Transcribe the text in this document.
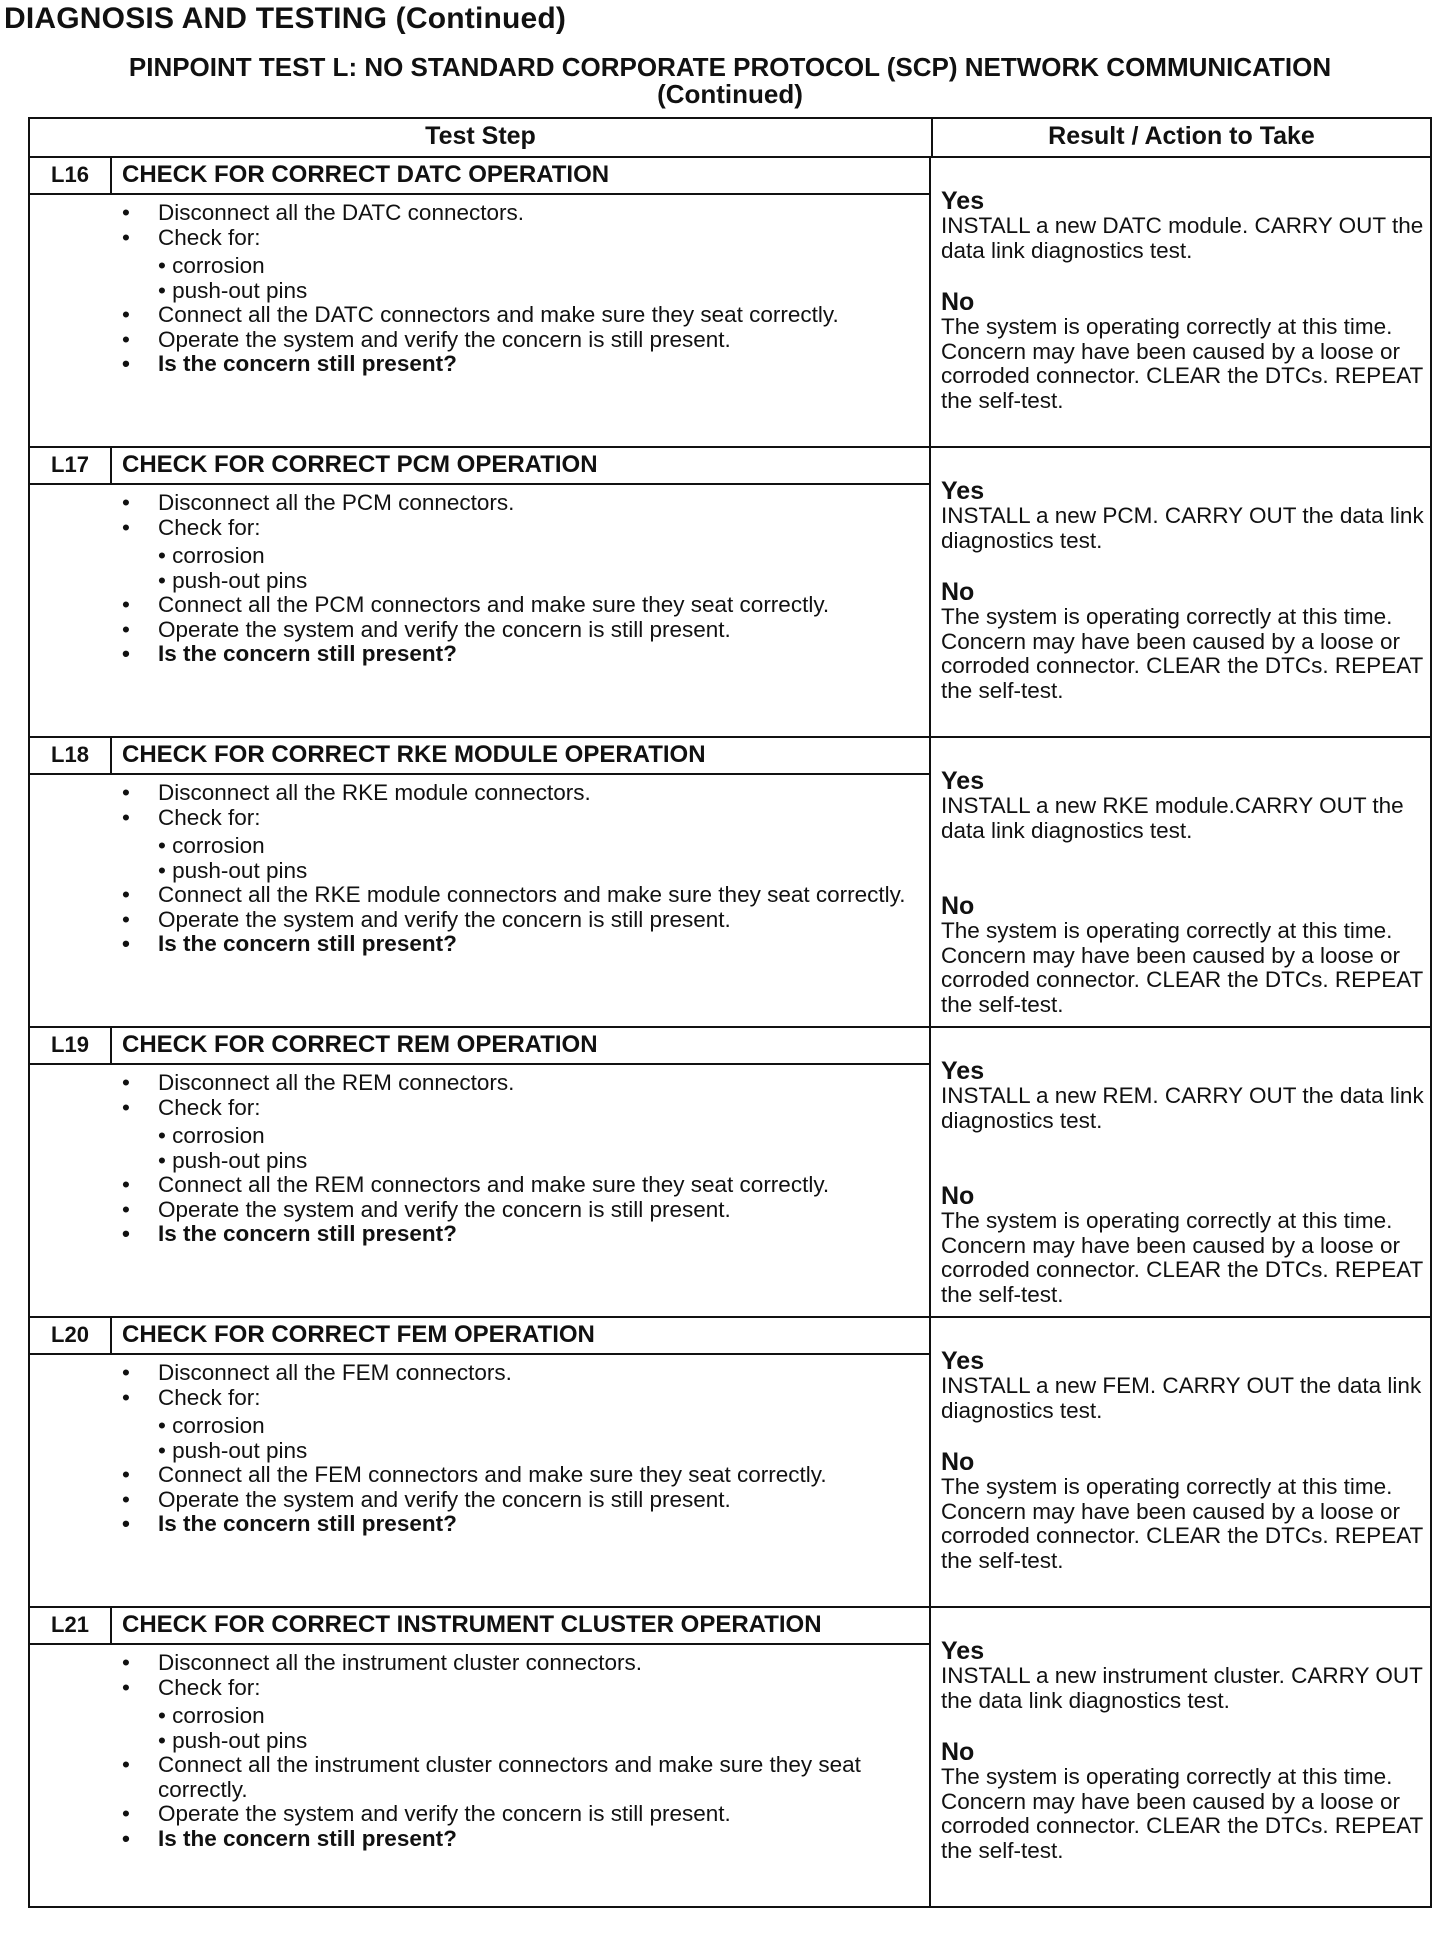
DIAGNOSIS AND TESTING (Continued)
PINPOINT TEST L: NO STANDARD CORPORATE PROTOCOL (SCP) NETWORK COMMUNICATION
(Continued)
Test Step	Result / Action to Take
L16	CHECK FOR CORRECT DATC OPERATION
• Disconnect all the DATC connectors.
• Check for:
• corrosion
• push-out pins
• Connect all the DATC connectors and make sure they seat correctly.
• Operate the system and verify the concern is still present.
• Is the concern still present?
Yes
INSTALL a new DATC module. CARRY OUT the data link diagnostics test.
No
The system is operating correctly at this time. Concern may have been caused by a loose or corroded connector. CLEAR the DTCs. REPEAT the self-test.
L17	CHECK FOR CORRECT PCM OPERATION
• Disconnect all the PCM connectors.
• Check for:
• corrosion
• push-out pins
• Connect all the PCM connectors and make sure they seat correctly.
• Operate the system and verify the concern is still present.
• Is the concern still present?
Yes
INSTALL a new PCM. CARRY OUT the data link diagnostics test.
No
The system is operating correctly at this time. Concern may have been caused by a loose or corroded connector. CLEAR the DTCs. REPEAT the self-test.
L18	CHECK FOR CORRECT RKE MODULE OPERATION
• Disconnect all the RKE module connectors.
• Check for:
• corrosion
• push-out pins
• Connect all the RKE module connectors and make sure they seat correctly.
• Operate the system and verify the concern is still present.
• Is the concern still present?
Yes
INSTALL a new RKE module.CARRY OUT the data link diagnostics test.
No
The system is operating correctly at this time. Concern may have been caused by a loose or corroded connector. CLEAR the DTCs. REPEAT the self-test.
L19	CHECK FOR CORRECT REM OPERATION
• Disconnect all the REM connectors.
• Check for:
• corrosion
• push-out pins
• Connect all the REM connectors and make sure they seat correctly.
• Operate the system and verify the concern is still present.
• Is the concern still present?
Yes
INSTALL a new REM. CARRY OUT the data link diagnostics test.
No
The system is operating correctly at this time. Concern may have been caused by a loose or corroded connector. CLEAR the DTCs. REPEAT the self-test.
L20	CHECK FOR CORRECT FEM OPERATION
• Disconnect all the FEM connectors.
• Check for:
• corrosion
• push-out pins
• Connect all the FEM connectors and make sure they seat correctly.
• Operate the system and verify the concern is still present.
• Is the concern still present?
Yes
INSTALL a new FEM. CARRY OUT the data link diagnostics test.
No
The system is operating correctly at this time. Concern may have been caused by a loose or corroded connector. CLEAR the DTCs. REPEAT the self-test.
L21	CHECK FOR CORRECT INSTRUMENT CLUSTER OPERATION
• Disconnect all the instrument cluster connectors.
• Check for:
• corrosion
• push-out pins
• Connect all the instrument cluster connectors and make sure they seat correctly.
• Operate the system and verify the concern is still present.
• Is the concern still present?
Yes
INSTALL a new instrument cluster. CARRY OUT the data link diagnostics test.
No
The system is operating correctly at this time. Concern may have been caused by a loose or corroded connector. CLEAR the DTCs. REPEAT the self-test.
